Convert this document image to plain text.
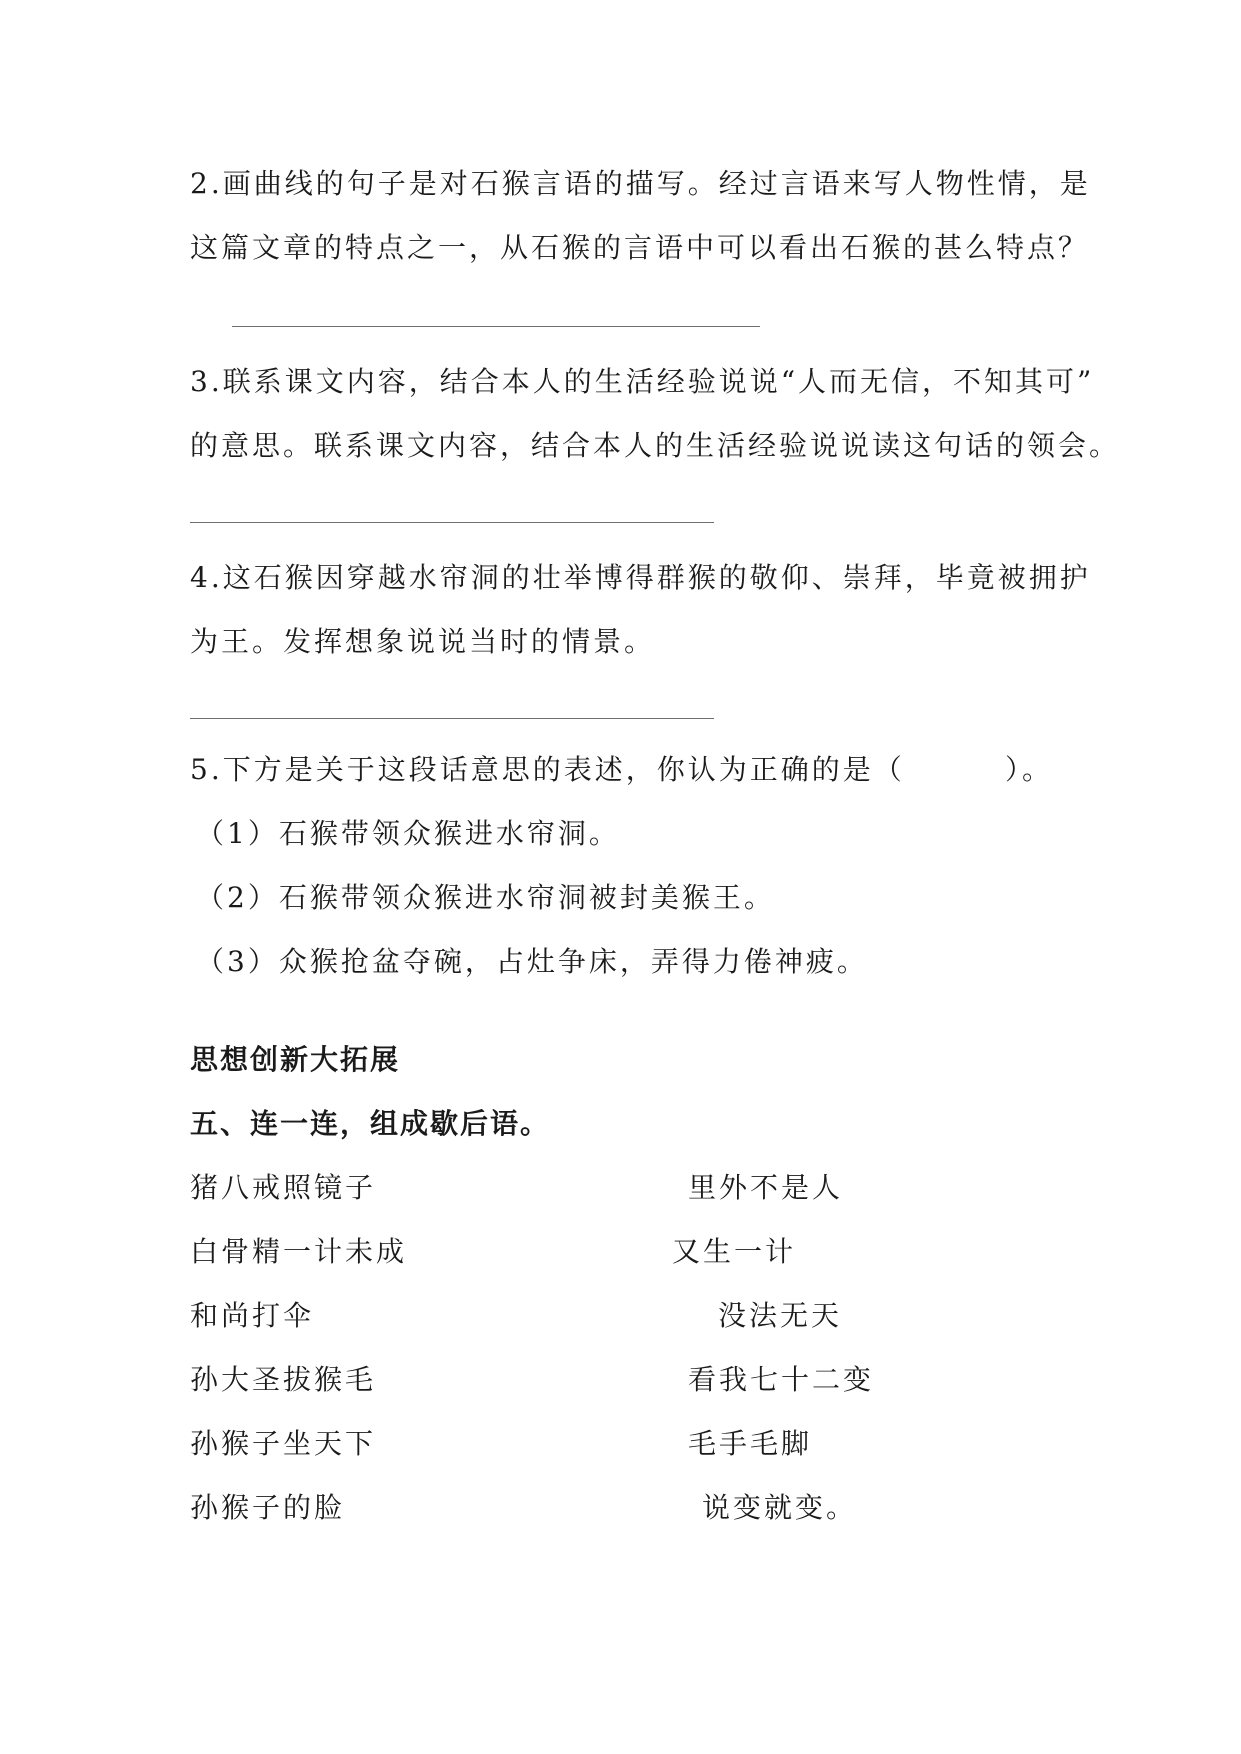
2.画曲线的句子是对石猴言语的描写。经过言语来写人物性情，是
这篇文章的特点之一，从石猴的言语中可以看出石猴的甚么特点？
3.联系课文内容，结合本人的生活经验说说“人而无信，不知其可”
的意思。联系课文内容，结合本人的生活经验说说读这句话的领会。
4.这石猴因穿越水帘洞的壮举博得群猴的敬仰、崇拜，毕竟被拥护
为王。发挥想象说说当时的情景。
5.下方是关于这段话意思的表述，你认为正确的是（	）。
（1）石猴带领众猴进水帘洞。
（2）石猴带领众猴进水帘洞被封美猴王。
（3）众猴抢盆夺碗，占灶争床，弄得力倦神疲。
思想创新大拓展
五、连一连，组成歇后语。
猪八戒照镜子
白骨精一计未成
和尚打伞
孙大圣拔猴毛
孙猴子坐天下
孙猴子的脸
里外不是人
又生一计
没法无天
看我七十二变
毛手毛脚
说变就变。
